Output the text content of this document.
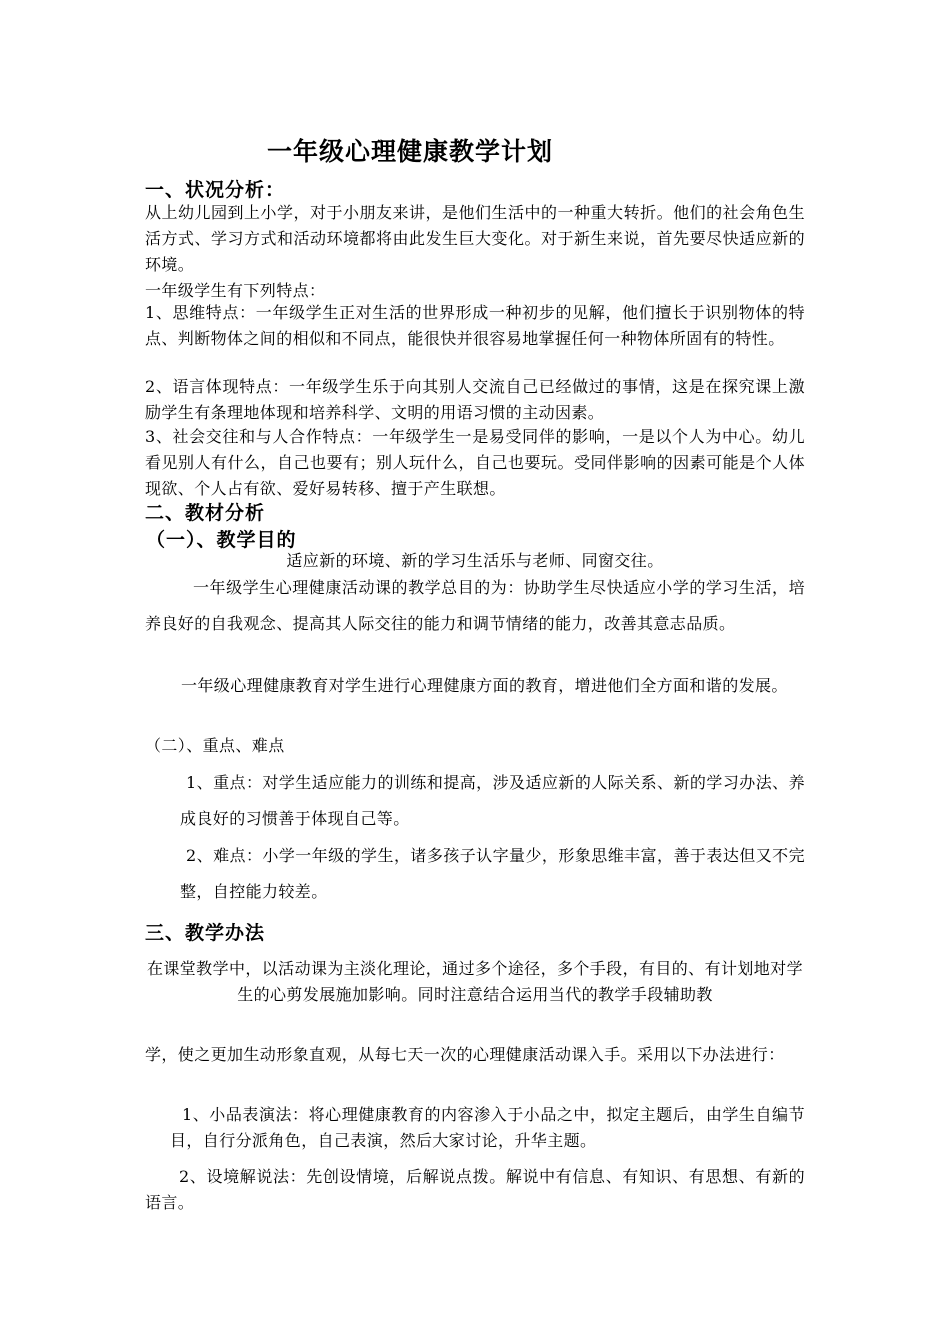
一年级心理健康教学计划
一、状况分析：

从上幼儿园到上小学，对于小朋友来讲，是他们生活中的一种重大转折。他们的社会角色生活方式、学习方式和活动环境都将由此发生巨大变化。对于新生来说，首先要尽快适应新的环境。

一年级学生有下列特点：

1、思维特点：一年级学生正对生活的世界形成一种初步的见解，他们擅长于识别物体的特点、判断物体之间的相似和不同点，能很快并很容易地掌握任何一种物体所固有的特性。

2、语言体现特点：一年级学生乐于向其别人交流自己已经做过的事情，这是在探究课上激励学生有条理地体现和培养科学、文明的用语习惯的主动因素。

3、社会交往和与人合作特点：一年级学生一是易受同伴的影响，一是以个人为中心。幼儿看见别人有什么，自己也要有；别人玩什么，自己也要玩。受同伴影响的因素可能是个人体现欲、个人占有欲、爱好易转移、擅于产生联想。

二、教材分析
（一）、教学目的

适应新的环境、新的学习生活乐与老师、同窗交往。

一年级学生心理健康活动课的教学总目的为：协助学生尽快适应小学的学习生活，培养良好的自我观念、提高其人际交往的能力和调节情绪的能力，改善其意志品质。

一年级心理健康教育对学生进行心理健康方面的教育，增进他们全方面和谐的发展。

（二）、重点、难点

1、重点：对学生适应能力的训练和提高，涉及适应新的人际关系、新的学习办法、养成良好的习惯善于体现自己等。

2、难点：小学一年级的学生，诸多孩子认字量少，形象思维丰富，善于表达但又不完整，自控能力较差。

三、教学办法

在课堂教学中，以活动课为主淡化理论，通过多个途径，多个手段，有目的、有计划地对学生的心剪发展施加影响。同时注意结合运用当代的教学手段辅助教

学，使之更加生动形象直观，从每七天一次的心理健康活动课入手。采用以下办法进行：

1、小品表演法：将心理健康教育的内容渗入于小品之中，拟定主题后，由学生自编节目，自行分派角色，自己表演，然后大家讨论，升华主题。

2、设境解说法：先创设情境，后解说点拨。解说中有信息、有知识、有思想、有新的语言。
